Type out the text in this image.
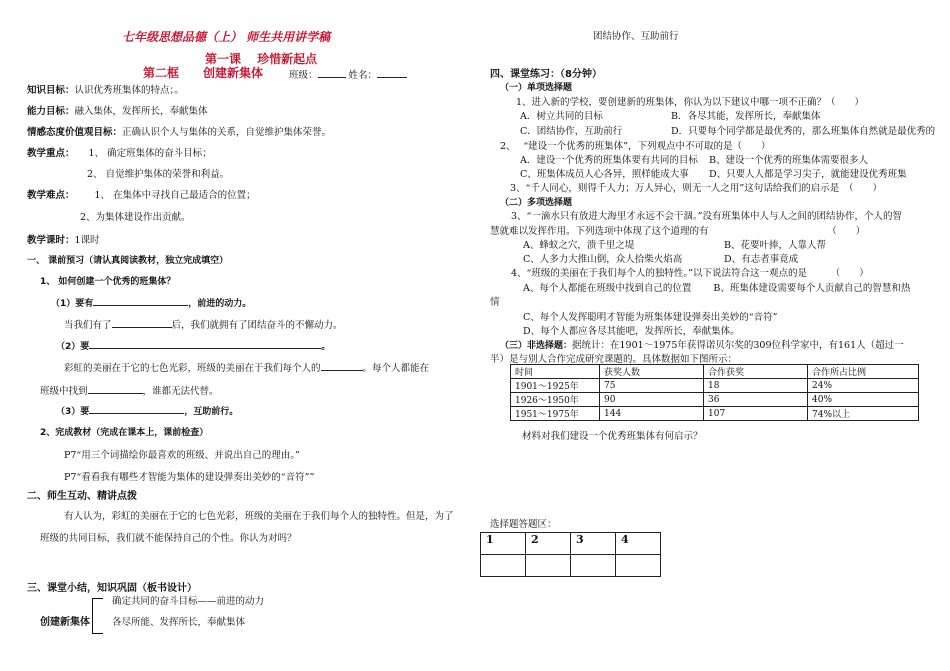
七年级思想品德（上） 师生共用讲学稿
第一课　 珍惜新起点
第二框　　创建新集体	班级：	姓名：
知识目标：认识优秀班集体的特点；。
能力目标：融入集体，发挥所长，奉献集体
情感态度价值观目标：正确认识个人与集体的关系，自觉维护集体荣誉。
教学重点： 1、 确定班集体的奋斗目标；
2、 自觉维护集体的荣誉和利益。
教学难点： 1、 在集体中寻找自己最适合的位置；
2、为集体建设作出贡献。
教学课时：1课时
一、 课前预习（请认真阅读教材，独立完成填空）
1、 如何创建一个优秀的班集体？
（1）要有	，前进的动力。
当我们有了	后，我们就拥有了团结奋斗的不懈动力。
（2）要	。
彩虹的美丽在于它的七色光彩，班级的美丽在于我们每个人的	。每个人都能在
班级中找到	，谁都无法代替。
（3）要	，互助前行。
2、完成教材（完成在课本上，课前检查）
P7“用三个词描绘你最喜欢的班级、并说出自己的理由。”
P7“看看我有哪些才智能为集体的建设弹奏出美妙的“音符””
二、师生互动、精讲点拨
有人认为，彩虹的美丽在于它的七色光彩，班级的美丽在于我们每个人的独特性。但是，为了
班级的共同目标，我们就不能保持自己的个性。你认为对吗？
三、课堂小结，知识巩固（板书设计）
创建新集体
确定共同的奋斗目标——前进的动力
各尽所能、发挥所长，奉献集体
团结协作、互助前行
四、课堂练习：（8分钟）
（一）单项选择题
1、进入新的学校，要创建新的班集体，你认为以下建议中哪一项不正确？（　　）
A．树立共同的目标	B．各尽其能，发挥所长，奉献集体
C．团结协作，互助前行	D．只要每个同学都是最优秀的，那么班集体自然就是最优秀的
2、　 “建设一个优秀的班集体”，下列观点中不可取的是（　　）
A．建设一个优秀的班集体要有共同的目标 B、建设一个优秀的班集体需要很多人
C、班集体成员人心各异，照样能成大事 D、只要人人都是学习尖子，就能建设优秀班集
3、“千人同心，则得千人力；万人异心，则无一人之用”这句话给我们的启示是　（　　）
（二）多项选择题
3、“一滴水只有放进大海里才永远不会干涸。”没有班集体中人与人之间的团结协作，个人的智
慧就难以发挥作用。下列选项中体现了这个道理的有　　　　　　　　　　　　　（　　）
A、蜂蚁之穴，溃千里之堤	B、花要叶捧，人靠人帮
C、人多力大推山倒，众人拾柴火焰高	D、有志者事竟成
4、“班级的美丽在于我们每个人的独特性。”以下说法符合这一观点的是　　　（　　）
A、每个人都能在班级中找到自己的位置　　 B、班集体建设需要每个人贡献自己的智慧和热
情
C、每个人发挥聪明才智能为班集体建设弹奏出美妙的“音符”
D、每个人都应各尽其能吧，发挥所长，奉献集体。
（三）非选择题：据统计：在1901～1975年获得诺贝尔奖的309位科学家中，有161人（超过一
半）是与别人合作完成研究课题的。具体数据如下图所示：
时间	获奖人数	合作获奖	合作所占比例
1901～1925年	75	18	24%
1926～1950年	90	36	40%
1951～1975年	144	107	74%以上
材料对我们建设一个优秀班集体有何启示？
选择题答题区：
1	2	3	4
